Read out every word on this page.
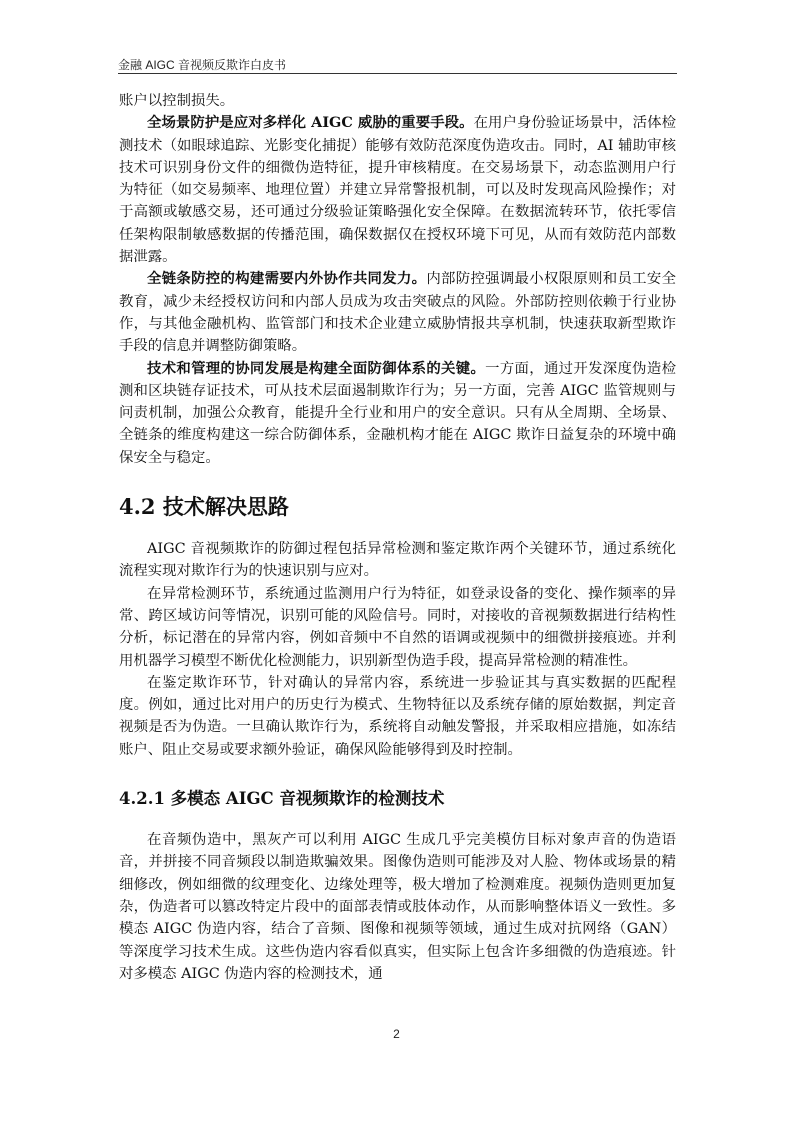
金融 AIGC 音视频反欺诈白皮书

账户以控制损失。

全场景防护是应对多样化 AIGC 威胁的重要手段。在用户身份验证场景中，活体检测技术（如眼球追踪、光影变化捕捉）能够有效防范深度伪造攻击。同时，AI 辅助审核技术可识别身份文件的细微伪造特征，提升审核精度。在交易场景下，动态监测用户行为特征（如交易频率、地理位置）并建立异常警报机制，可以及时发现高风险操作；对于高额或敏感交易，还可通过分级验证策略强化安全保障。在数据流转环节，依托零信任架构限制敏感数据的传播范围，确保数据仅在授权环境下可见，从而有效防范内部数据泄露。

全链条防控的构建需要内外协作共同发力。内部防控强调最小权限原则和员工安全教育，减少未经授权访问和内部人员成为攻击突破点的风险。外部防控则依赖于行业协作，与其他金融机构、监管部门和技术企业建立威胁情报共享机制，快速获取新型欺诈手段的信息并调整防御策略。

技术和管理的协同发展是构建全面防御体系的关键。一方面，通过开发深度伪造检测和区块链存证技术，可从技术层面遏制欺诈行为；另一方面，完善 AIGC 监管规则与问责机制，加强公众教育，能提升全行业和用户的安全意识。只有从全周期、全场景、全链条的维度构建这一综合防御体系，金融机构才能在 AIGC 欺诈日益复杂的环境中确保安全与稳定。

4.2 技术解决思路

AIGC 音视频欺诈的防御过程包括异常检测和鉴定欺诈两个关键环节，通过系统化流程实现对欺诈行为的快速识别与应对。

在异常检测环节，系统通过监测用户行为特征，如登录设备的变化、操作频率的异常、跨区域访问等情况，识别可能的风险信号。同时，对接收的音视频数据进行结构性分析，标记潜在的异常内容，例如音频中不自然的语调或视频中的细微拼接痕迹。并利用机器学习模型不断优化检测能力，识别新型伪造手段，提高异常检测的精准性。

在鉴定欺诈环节，针对确认的异常内容，系统进一步验证其与真实数据的匹配程度。例如，通过比对用户的历史行为模式、生物特征以及系统存储的原始数据，判定音视频是否为伪造。一旦确认欺诈行为，系统将自动触发警报，并采取相应措施，如冻结账户、阻止交易或要求额外验证，确保风险能够得到及时控制。

4.2.1 多模态 AIGC 音视频欺诈的检测技术

在音频伪造中，黑灰产可以利用 AIGC 生成几乎完美模仿目标对象声音的伪造语音，并拼接不同音频段以制造欺骗效果。图像伪造则可能涉及对人脸、物体或场景的精细修改，例如细微的纹理变化、边缘处理等，极大增加了检测难度。视频伪造则更加复杂，伪造者可以篡改特定片段中的面部表情或肢体动作，从而影响整体语义一致性。多模态 AIGC 伪造内容，结合了音频、图像和视频等领域，通过生成对抗网络（GAN）等深度学习技术生成。这些伪造内容看似真实，但实际上包含许多细微的伪造痕迹。针对多模态 AIGC 伪造内容的检测技术，通

2
